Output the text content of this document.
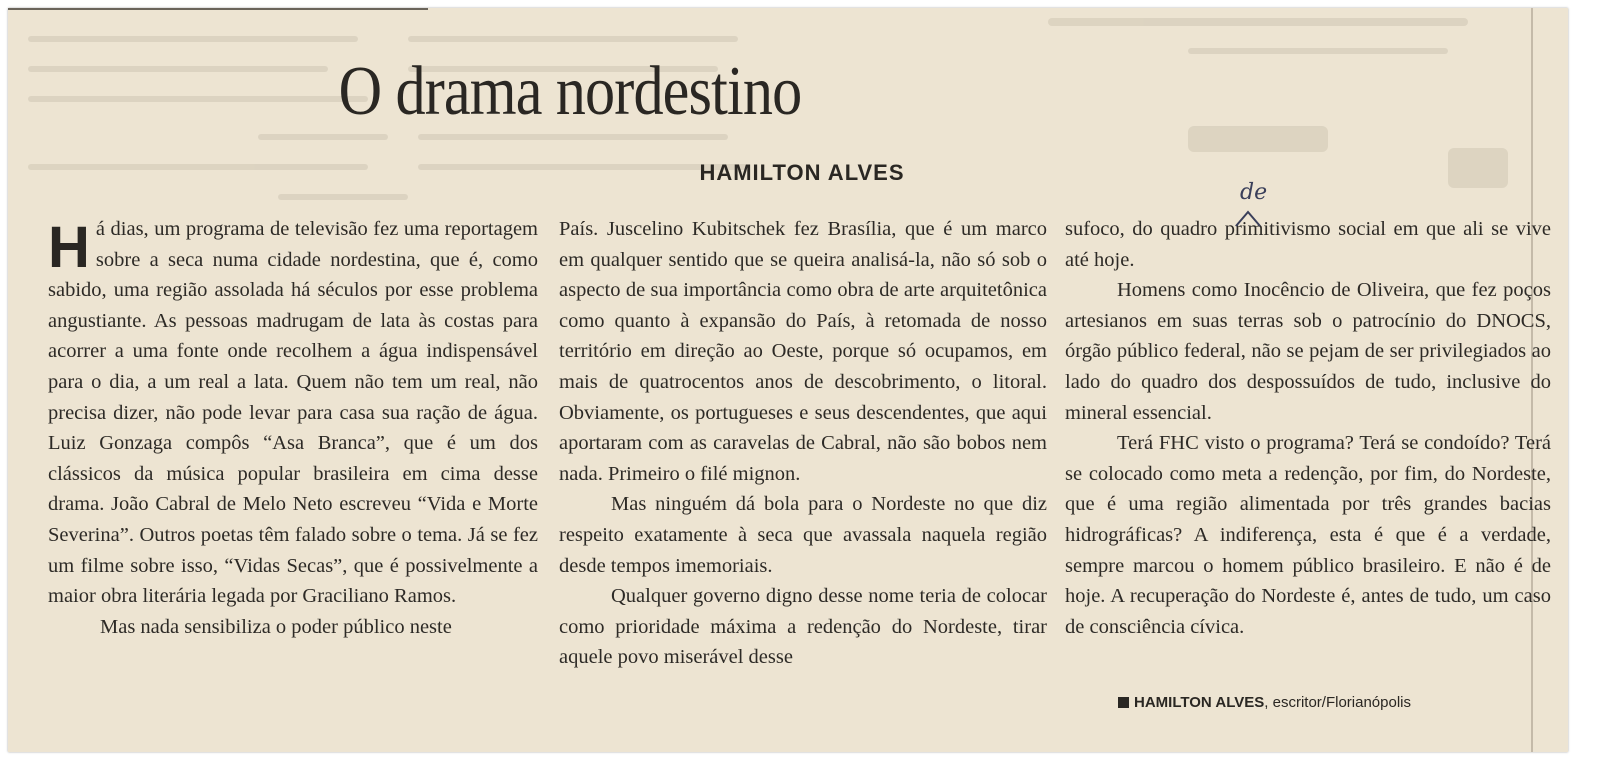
O drama nordestino
HAMILTON ALVES

Há dias, um programa de televisão fez uma reportagem sobre a seca numa cidade nordestina, que é, como sabido, uma região assolada há séculos por esse problema angustiante. As pessoas madrugam de lata às costas para acorrer a uma fonte onde recolhem a água indispensável para o dia, a um real a lata. Quem não tem um real, não precisa dizer, não pode levar para casa sua ração de água. Luiz Gonzaga compôs “Asa Branca”, que é um dos clássicos da música popular brasileira em cima desse drama. João Cabral de Melo Neto escreveu “Vida e Morte Severina”. Outros poetas têm falado sobre o tema. Já se fez um filme sobre isso, “Vidas Secas”, que é possivelmente a maior obra literária legada por Graciliano Ramos.

Mas nada sensibiliza o poder público neste

País. Juscelino Kubitschek fez Brasília, que é um marco em qualquer sentido que se queira analisá-la, não só sob o aspecto de sua importância como obra de arte arquitetônica como quanto à expansão do País, à retomada de nosso território em direção ao Oeste, porque só ocupamos, em mais de quatrocentos anos de descobrimento, o litoral. Obviamente, os portugueses e seus descendentes, que aqui aportaram com as caravelas de Cabral, não são bobos nem nada. Primeiro o filé mignon.

Mas ninguém dá bola para o Nordeste no que diz respeito exatamente à seca que avassala naquela região desde tempos imemoriais.

Qualquer governo digno desse nome teria de colocar como prioridade máxima a redenção do Nordeste, tirar aquele povo miserável desse

sufoco, do quadro primitivismo social em que ali se vive até hoje.

Homens como Inocêncio de Oliveira, que fez poços artesianos em suas terras sob o patrocínio do DNOCS, órgão público federal, não se pejam de ser privilegiados ao lado do quadro dos despossuídos de tudo, inclusive do mineral essencial.

Terá FHC visto o programa? Terá se condoído? Terá se colocado como meta a redenção, por fim, do Nordeste, que é uma região alimentada por três grandes bacias hidrográficas? A indiferença, esta é que é a verdade, sempre marcou o homem público brasileiro. E não é de hoje. A recuperação do Nordeste é, antes de tudo, um caso de consciência cívica.

de
HAMILTON ALVES, escritor/Florianópolis
